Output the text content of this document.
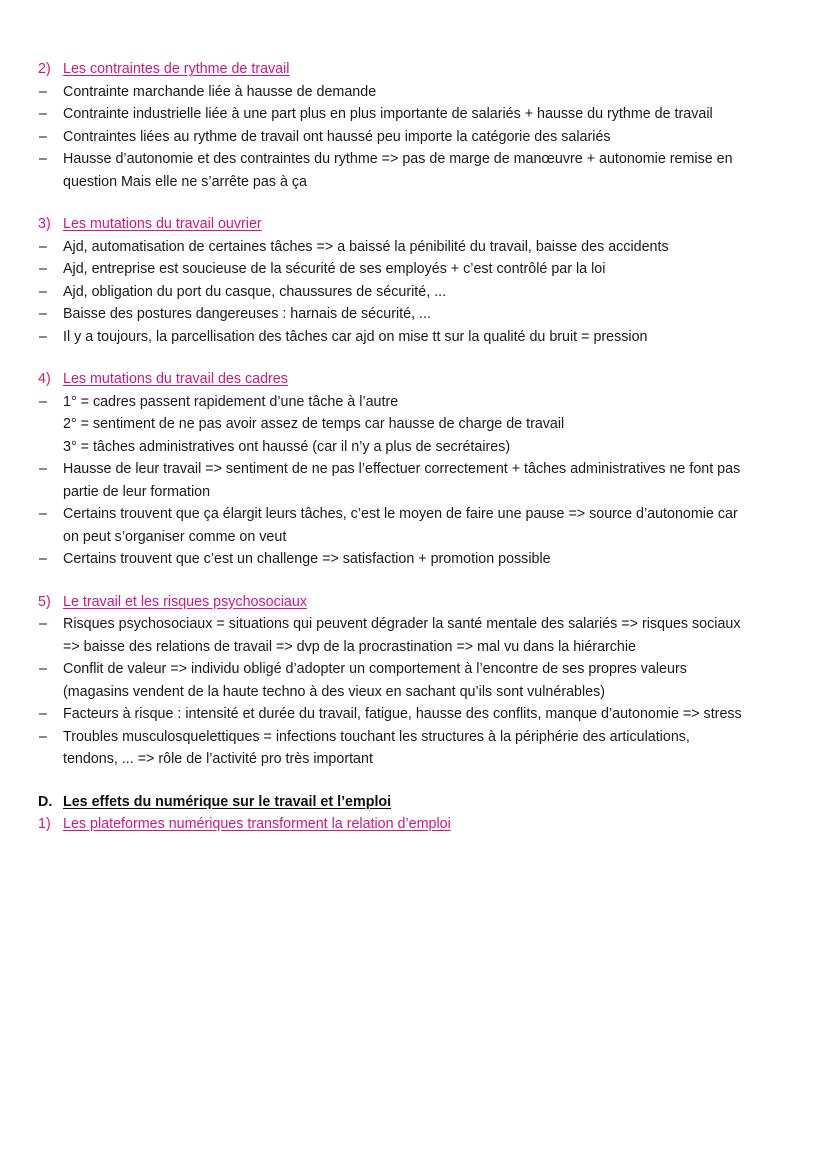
2) Les contraintes de rythme de travail
– Contrainte marchande liée à hausse de demande
– Contrainte industrielle liée à une part plus en plus importante de salariés + hausse du rythme de travail
– Contraintes liées au rythme de travail ont haussé peu importe la catégorie des salariés
– Hausse d’autonomie et des contraintes du rythme => pas de marge de manœuvre + autonomie remise en
question Mais elle ne s’arrête pas à ça
3) Les mutations du travail ouvrier
– Ajd, automatisation de certaines tâches => a baissé la pénibilité du travail, baisse des accidents
– Ajd, entreprise est soucieuse de la sécurité de ses employés + c’est contrôlé par la loi
– Ajd, obligation du port du casque, chaussures de sécurité, ...
– Baisse des postures dangereuses : harnais de sécurité, ...
– Il y a toujours, la parcellisation des tâches car ajd on mise tt sur la qualité du bruit = pression
4) Les mutations du travail des cadres
– 1° = cadres passent rapidement d’une tâche à l’autre
2° = sentiment de ne pas avoir assez de temps car hausse de charge de travail
3° = tâches administratives ont haussé (car il n’y a plus de secrétaires)
– Hausse de leur travail => sentiment de ne pas l’effectuer correctement + tâches administratives ne font pas
partie de leur formation
– Certains trouvent que ça élargit leurs tâches, c’est le moyen de faire une pause => source d’autonomie car
on peut s’organiser comme on veut
– Certains trouvent que c’est un challenge => satisfaction + promotion possible
5) Le travail et les risques psychosociaux
– Risques psychosociaux = situations qui peuvent dégrader la santé mentale des salariés => risques sociaux
=> baisse des relations de travail => dvp de la procrastination => mal vu dans la hiérarchie
– Conflit de valeur => individu obligé d’adopter un comportement à l’encontre de ses propres valeurs
(magasins vendent de la haute techno à des vieux en sachant qu’ils sont vulnérables)
– Facteurs à risque : intensité et durée du travail, fatigue, hausse des conflits, manque d’autonomie => stress
– Troubles musculosquelettiques = infections touchant les structures à la périphérie des articulations,
tendons, ... => rôle de l’activité pro très important
D. Les effets du numérique sur le travail et l’emploi
1) Les plateformes numériques transforment la relation d’emploi
